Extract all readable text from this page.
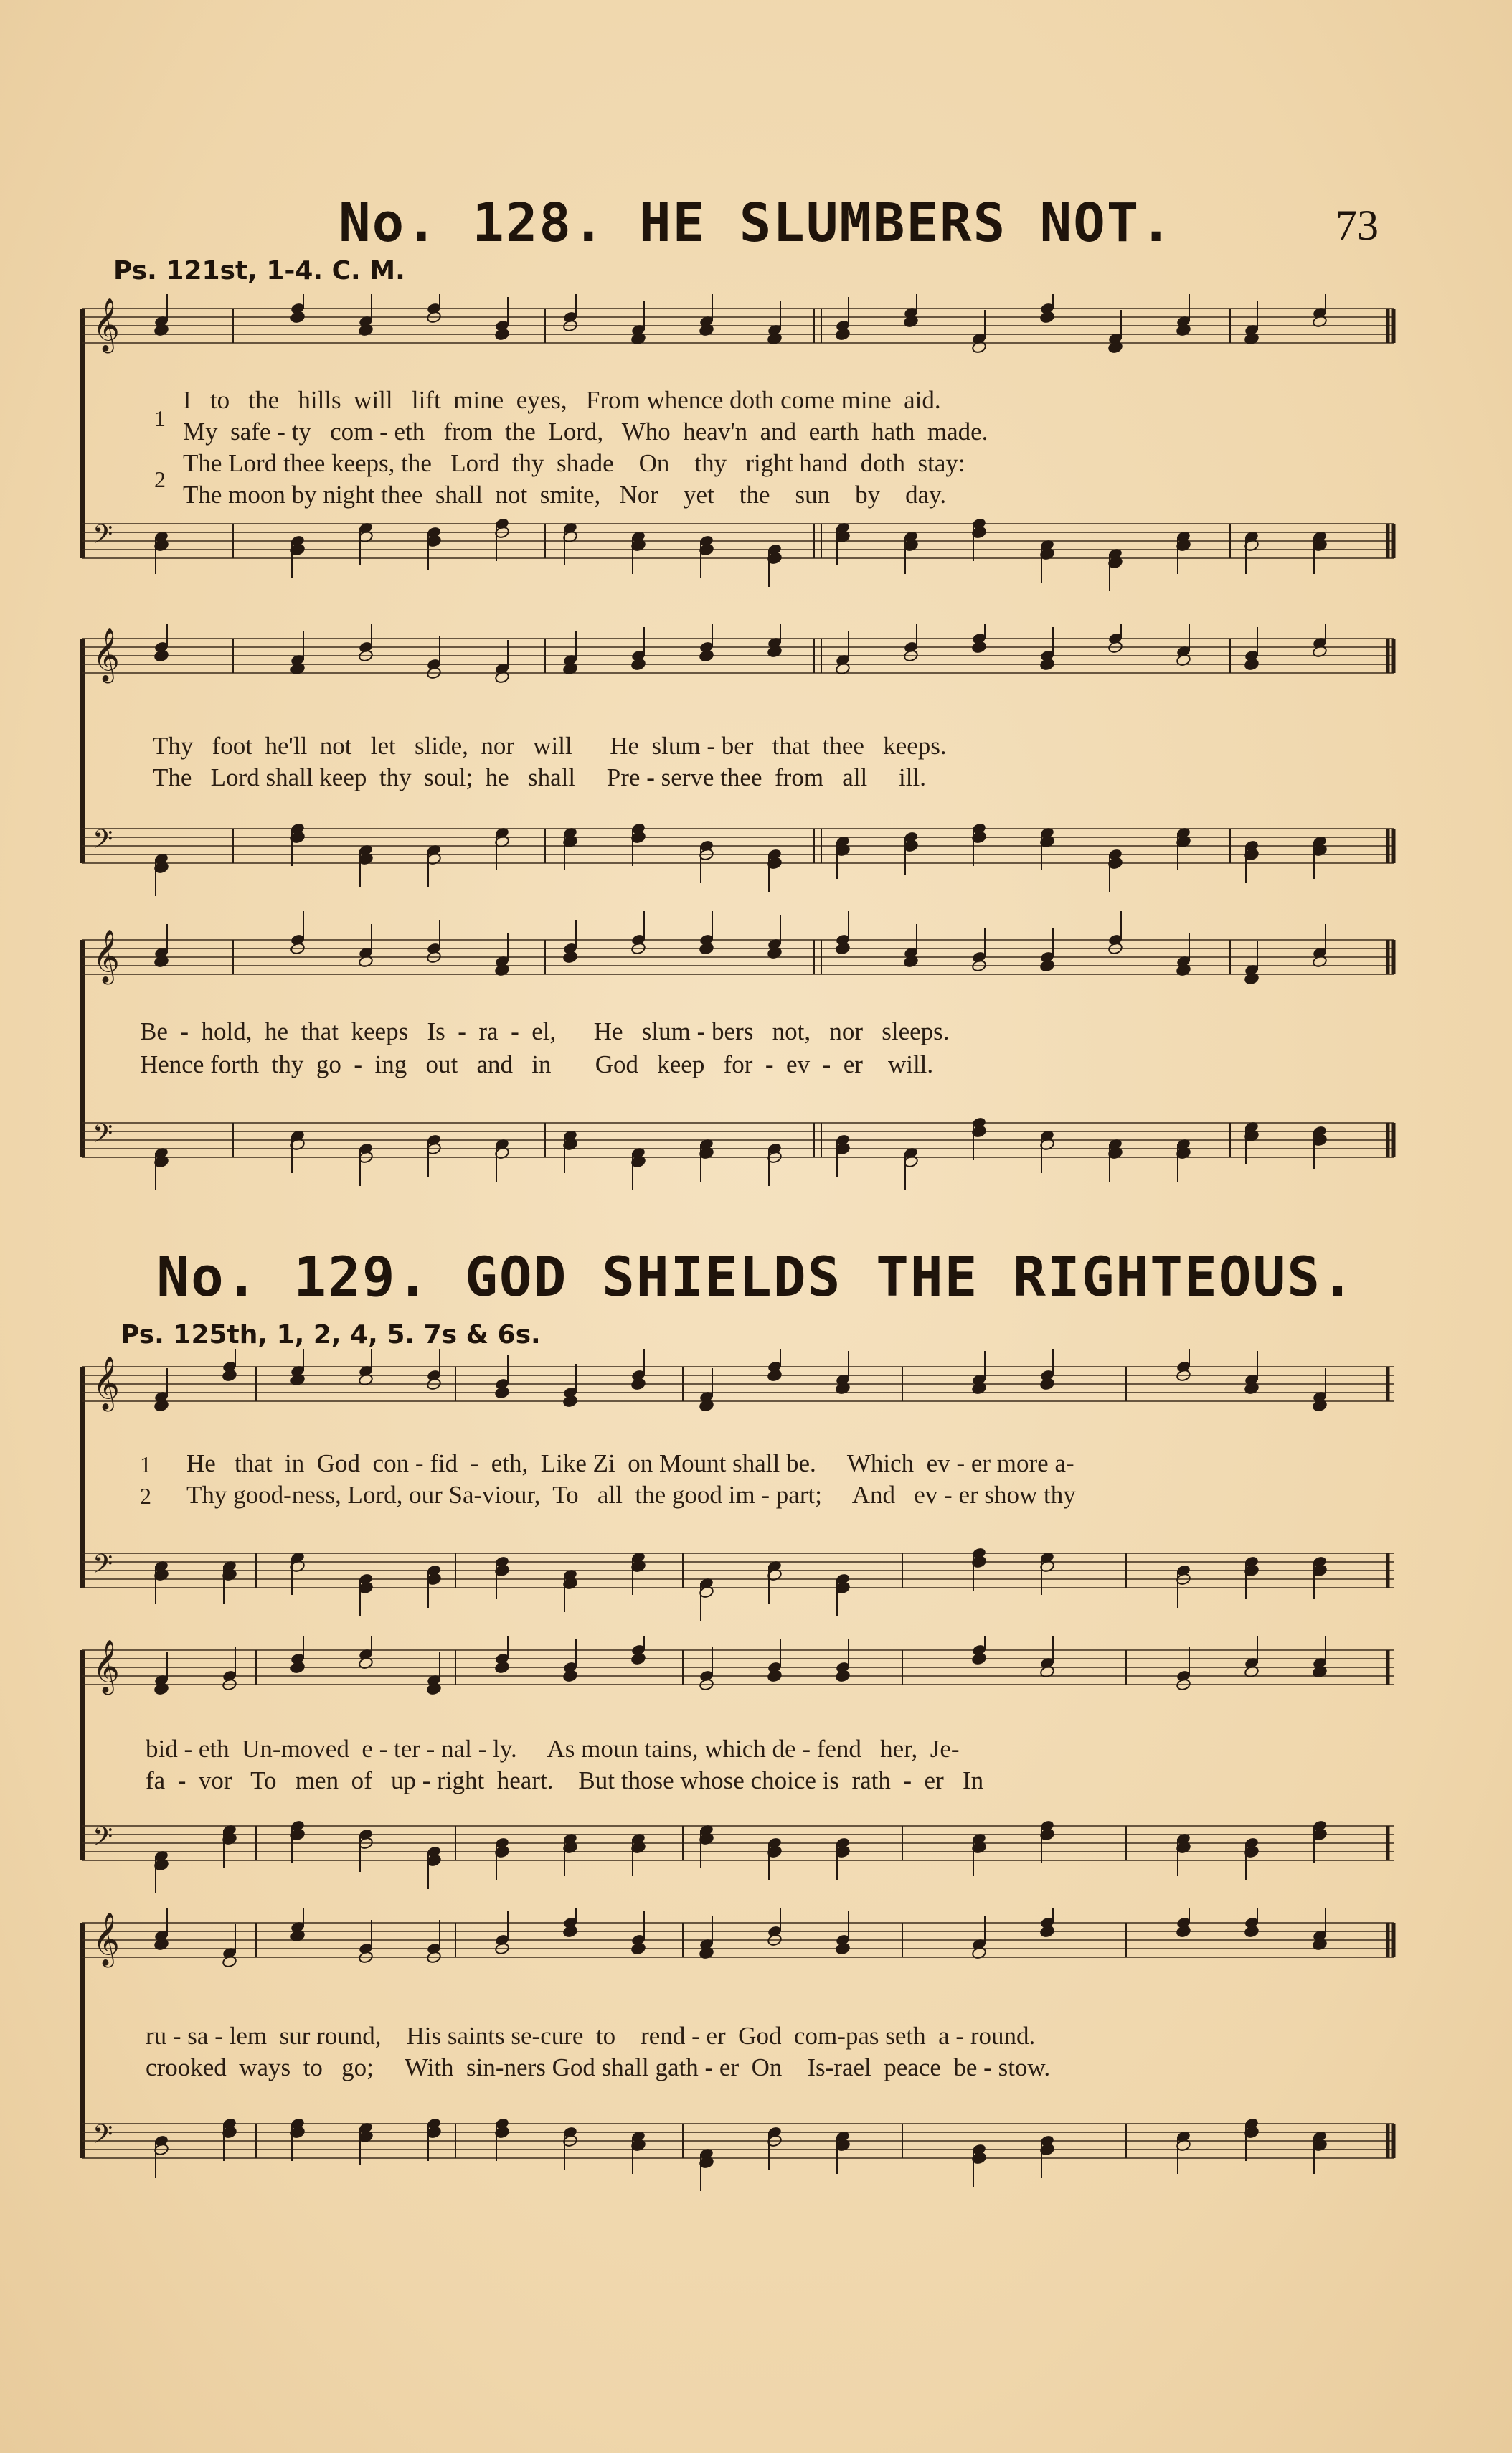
73
No. 128. HE SLUMBERS NOT.
Ps. 121st, 1-4. C. M.
𝄞
𝄢
1
2
I   to   the   hills  will   lift  mine  eyes,   From whence doth come mine  aid.
My  safe - ty   com - eth   from  the  Lord,   Who  heav'n  and  earth  hath  made.
The Lord thee keeps, the   Lord  thy  shade    On    thy   right hand  doth  stay:
The moon by night thee  shall  not  smite,   Nor    yet    the    sun    by    day.
𝄞
𝄢
Thy   foot  he'll  not   let   slide,  nor   will      He  slum - ber   that  thee   keeps.
The   Lord shall keep  thy  soul;  he   shall     Pre - serve thee  from   all     ill.
𝄞
𝄢
Be  -  hold,  he  that  keeps   Is  -  ra  -  el,      He   slum - bers   not,   nor   sleeps.
Hence forth  thy  go  -  ing   out   and   in       God   keep   for  -  ev  -  er    will.
No. 129. GOD SHIELDS THE RIGHTEOUS.
Ps. 125th, 1, 2, 4, 5. 7s & 6s.
𝄞
𝄢
1
2
He   that  in  God  con - fid  -  eth,  Like Zi  on Mount shall be.     Which  ev - er more a-
Thy good-ness, Lord, our Sa-viour,  To   all  the good im - part;     And   ev - er show thy
𝄞
𝄢
bid - eth  Un-moved  e - ter - nal - ly.     As moun tains, which de - fend   her,  Je-
fa  -  vor   To   men  of   up - right  heart.    But those whose choice is  rath  -  er   In
𝄞
𝄢
ru - sa - lem  sur round,    His saints se-cure  to    rend - er  God  com-pas seth  a - round.
crooked  ways  to   go;     With  sin-ners God shall gath - er  On    Is-rael  peace  be - stow.
